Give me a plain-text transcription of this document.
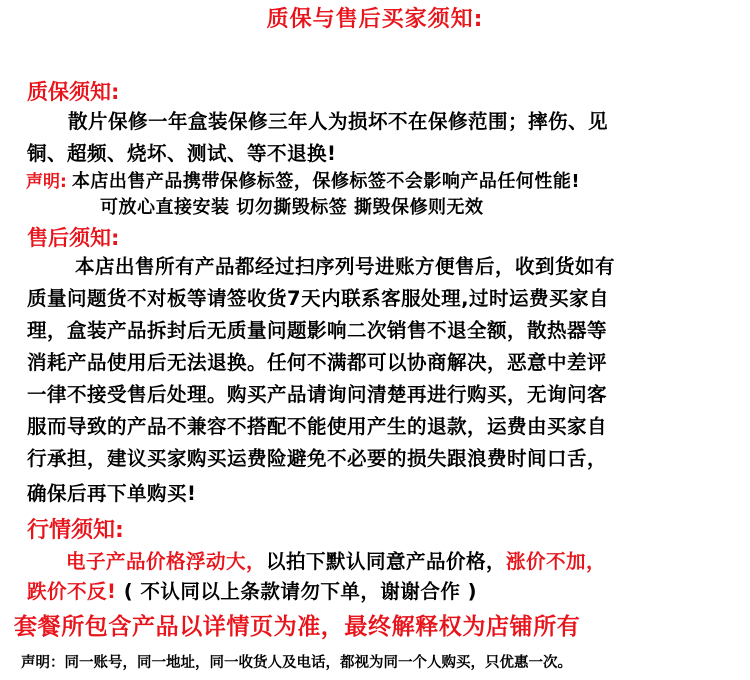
质保与售后买家须知:
质保须知:
散片保修一年盒装保修三年人为损坏不在保修范围；摔伤、见
铜、超频、烧坏、测试、等不退换!
声明: 本店出售产品携带保修标签，保修标签不会影响产品任何性能!
可放心直接安装 切勿撕毁标签 撕毁保修则无效
售后须知:
本店出售所有产品都经过扫序列号进账方便售后，收到货如有
质量问题货不对板等请签收货7天内联系客服处理,过时运费买家自
理，盒装产品拆封后无质量问题影响二次销售不退全额，散热器等
消耗产品使用后无法退换。任何不满都可以协商解决，恶意中差评
一律不接受售后处理。购买产品请询问清楚再进行购买，无询问客
服而导致的产品不兼容不搭配不能使用产生的退款，运费由买家自
行承担，建议买家购买运费险避免不必要的损失跟浪费时间口舌，
确保后再下单购买!
行情须知:
电子产品价格浮动大，以拍下默认同意产品价格，涨价不加，
跌价不反! ( 不认同以上条款请勿下单，谢谢合作 )
套餐所包含产品以详情页为准，最终解释权为店铺所有
声明：同一账号，同一地址，同一收货人及电话，都视为同一个人购买，只优惠一次。
